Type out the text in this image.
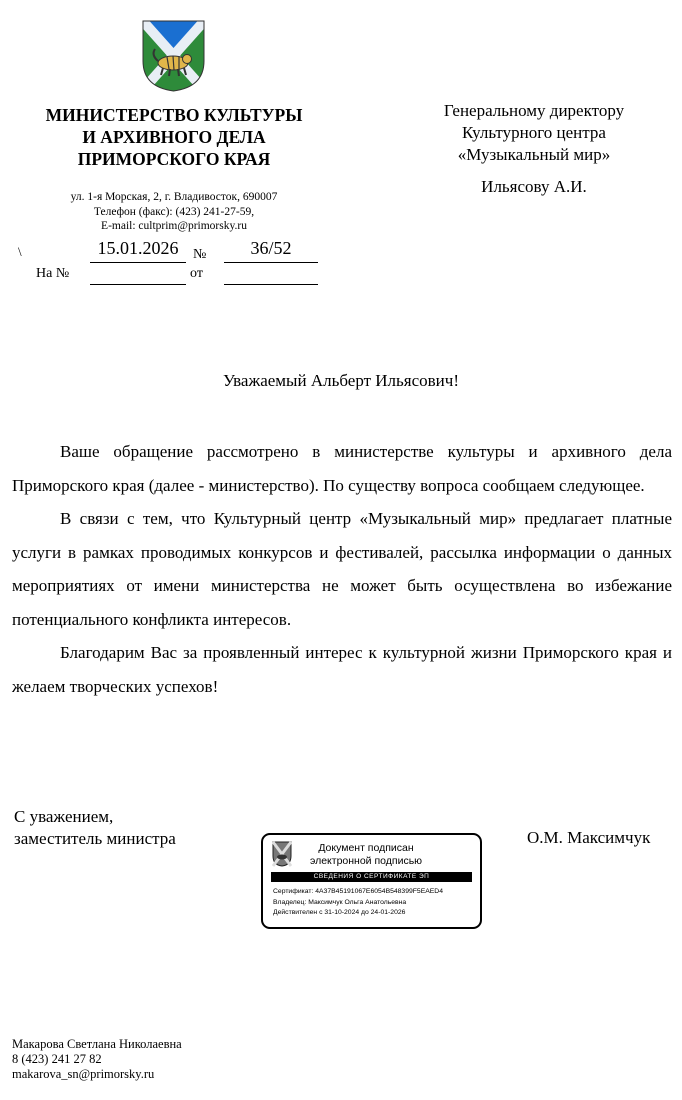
МИНИСТЕРСТВО КУЛЬТУРЫ
И АРХИВНОГО ДЕЛА
ПРИМОРСКОГО КРАЯ
ул. 1-я Морская, 2, г. Владивосток, 690007
Телефон (факс): (423) 241-27-59,
E-mail: cultprim@primorsky.ru
Генеральному директору
Культурного центра
«Музыкальный мир»
Ильясову А.И.
\	15.01.2026	№	36/52
На №	от
Уважаемый Альберт Ильясович!

Ваше обращение рассмотрено в министерстве культуры и архивного дела Приморского края (далее - министерство). По существу вопроса сообщаем следующее.

В связи с тем, что Культурный центр «Музыкальный мир» предлагает платные услуги в рамках проводимых конкурсов и фестивалей, рассылка информации о данных мероприятиях от имени министерства не может быть осуществлена во избежание потенциального конфликта интересов.

Благодарим Вас за проявленный интерес к культурной жизни Приморского края и желаем творческих успехов!

С уважением,
заместитель министра	О.М. Максимчук
Документ подписан
электронной подписью
СВЕДЕНИЯ О СЕРТИФИКАТЕ ЭП
Сертификат: 4A37B45191067E6054B548399F5EAED4
Владелец: Максимчук Ольга Анатольевна
Действителен с 31-10-2024 до 24-01-2026
Макарова Светлана Николаевна
8 (423) 241 27 82
makarova_sn@primorsky.ru
